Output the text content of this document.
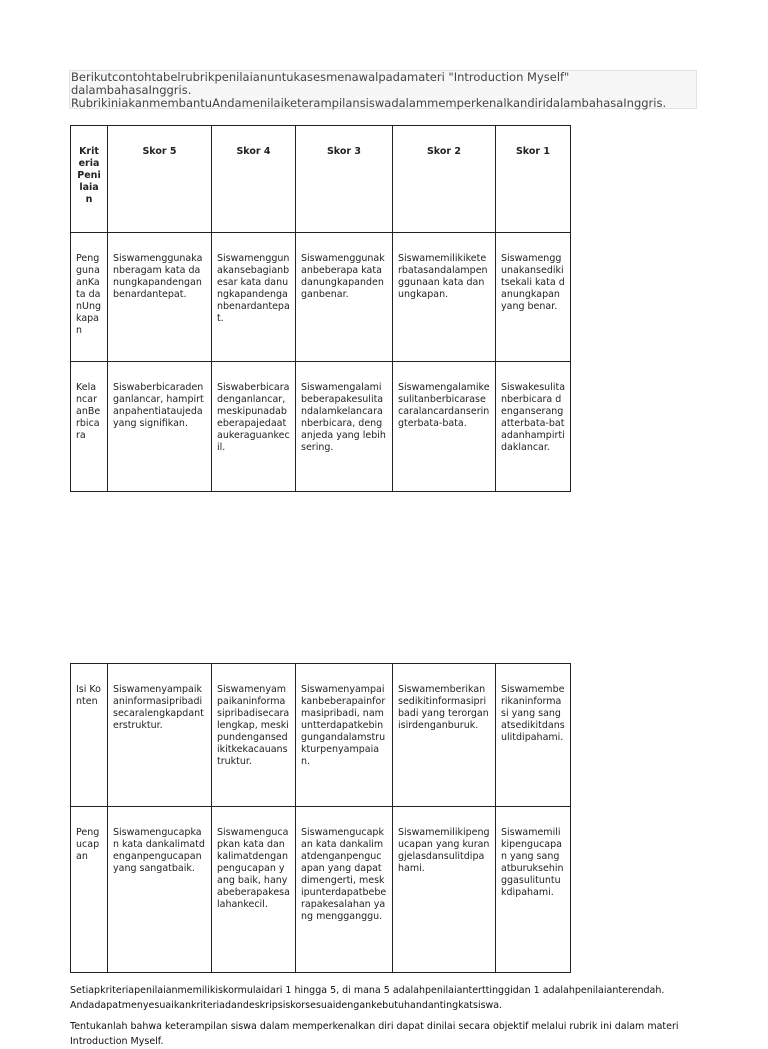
Berikutcontohtabelrubrikpenilaianuntukasesmenawalpadamateri "Introduction Myself"
dalambahasaInggris.
RubrikiniakanmembantuAndamenilaiketerampilansiswadalammemperkenalkandiridalambahasaInggris.
Kriteria Penilaian	Skor 5	Skor 4	Skor 3	Skor 2	Skor 1
PenggunaanKata danUngkapan	Siswamenggunakanberagam kata danungkapandenganbenardantepat.	Siswamenggunakansebagianbesar kata danungkapandenganbenardantepat.	Siswamenggunakanbeberapa kata danungkapandenganbenar.	Siswamemilikiketerbatasandalampenggunaan kata danungkapan.	Siswamenggunakansedikitsekali kata danungkapan yang benar.
KelancaranBerbicara	Siswaberbicaradenganlancar, hampirtanpahentiataujeda yang signifikan.	Siswaberbicaradenganlancar, meskipunadabeberapajedaataukeraguankecil.	Siswamengalamibeberapakesulitandalamkelancaranberbicara, denganjeda yang lebihsering.	Siswamengalamikesulitanberbicarasecaralancardanseringterbata-bata.	Siswakesulitanberbicara denganserangatterbata-batadanhampirtidaklancar.
Isi Konten	Siswamenyampaikaninformasipribadisecaralengkapdanterstruktur.	Siswamenyampaikaninformasipribadisecaralengkap, meskipundengansedikitkekacauanstruktur.	Siswamenyampaikanbeberapainformasipribadi, namuntterdapatkebingungandalamstrukturpenyampaian.	Siswamemberikansedikitinformasipribadi yang terorganisirdenganburuk.	Siswamemberikaninformasi yang sangatsedikitdansulitdipahami.
Pengucapan	Siswamengucapkan kata dankalimatdenganpengucapan yang sangatbaik.	Siswamengucapkan kata dankalimatdenganpengucapan yang baik, hanyabeberapakesalahankecil.	Siswamengucapkan kata dankalimatdenganpengucapan yang dapatdimengerti, meskipunterdapatbeberapakesalahan yang mengganggu.	Siswamemilikipengucapan yang kurangjelasdansulitdipahami.	Siswamemilikipengucapan yang sangatburuksehinggasulituntukdipahami.
Setiapkriteriapenilaianmemilikiskormulaidari 1 hingga 5, di mana 5 adalahpenilaianterttinggidan 1 adalahpenilaianterendah.
Andadapatmenyesuaikankriteriadandeskripsiskorsesuaidengankebutuhandantingkatsiswa.
Tentukanlah bahwa keterampilan siswa dalam memperkenalkan diri dapat dinilai secara objektif melalui rubrik ini dalam materi Introduction Myself.
